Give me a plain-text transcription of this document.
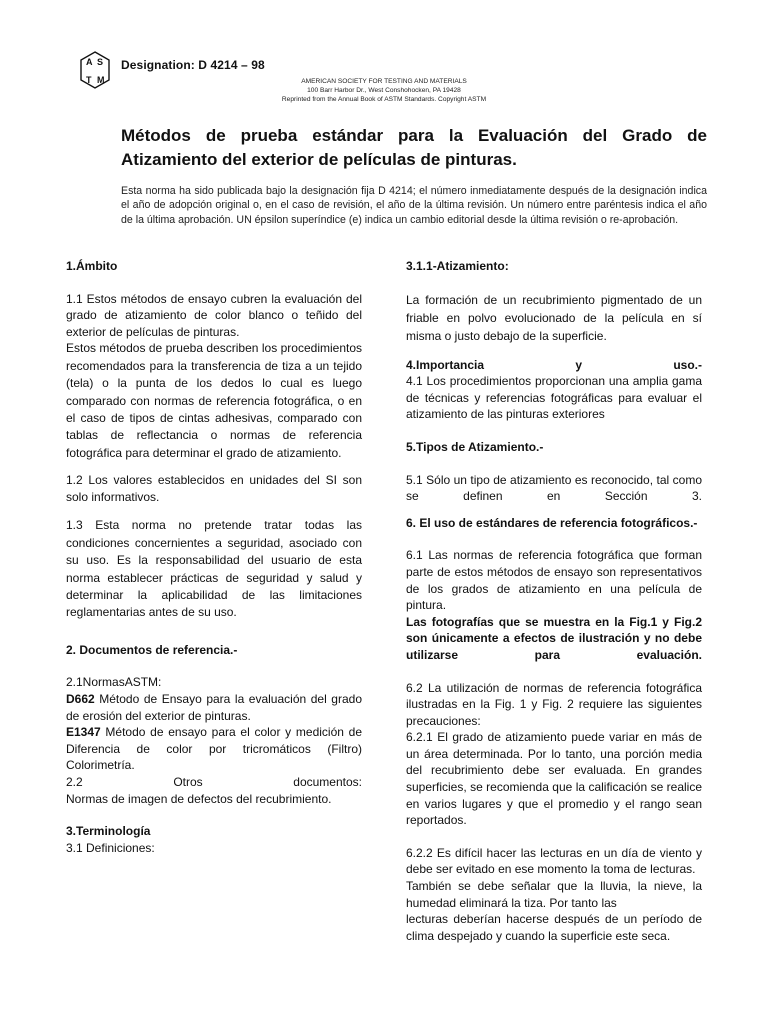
A S
T M
Designation: D 4214 – 98
AMERICAN SOCIETY FOR TESTING AND MATERIALS
100 Barr Harbor Dr., West Conshohocken, PA 19428
Reprinted from the Annual Book of ASTM Standards. Copyright ASTM
Métodos de prueba estándar para la Evaluación del Grado de Atizamiento del exterior de películas de pinturas.

Esta norma ha sido publicada bajo la designación fija D 4214; el número inmediatamente después de la designación indica el año de adopción original o, en el caso de revisión, el año de la última revisión. Un número entre paréntesis indica el año de la última aprobación. UN épsilon superíndice (e) indica un cambio editorial desde la última revisión o re-aprobación.

1.Ámbito

1.1 Estos métodos de ensayo cubren la evaluación del grado de atizamiento de color blanco o teñido del exterior de películas de pinturas.

Estos métodos de prueba describen los procedimientos recomendados para la transferencia de tiza a un tejido (tela) o la punta de los dedos lo cual es luego comparado con normas de referencia fotográfica, o en el caso de tipos de cintas adhesivas, comparado con tablas de reflectancia o normas de referencia fotográfica para determinar el grado de atizamiento.

1.2 Los valores establecidos en unidades del SI son solo informativos.

1.3 Esta norma no pretende tratar todas las condiciones concernientes a seguridad, asociado con su uso. Es la responsabilidad del usuario de esta norma establecer prácticas de seguridad y salud y determinar la aplicabilidad de las limitaciones reglamentarias antes de su uso.

2. Documentos de referencia.-

2.1NormasASTM:

D662 Método de Ensayo para la evaluación del grado de erosión del exterior de pinturas.

E1347 Método de ensayo para el color y medición de Diferencia de color por tricromáticos (Filtro) Colorimetría.

2.2 Otros documentos:

Normas de imagen de defectos del recubrimiento.

3.Terminología

3.1 Definiciones:

3.1.1-Atizamiento:

La formación de un recubrimiento pigmentado de un friable en polvo evolucionado de la película en sí misma o justo debajo de la superficie.

4.Importancia y uso.-

4.1 Los procedimientos proporcionan una amplia gama de técnicas y referencias fotográficas para evaluar el atizamiento de las pinturas exteriores

5.Tipos de Atizamiento.-

5.1 Sólo un tipo de atizamiento es reconocido, tal como se definen en Sección 3.

6. El uso de estándares de referencia fotográficos.-

6.1 Las normas de referencia fotográfica que forman parte de estos métodos de ensayo son representativos de los grados de atizamiento en una película de pintura.

Las fotografías que se muestra en la Fig.1 y Fig.2 son únicamente a efectos de ilustración y no debe utilizarse para evaluación.

6.2 La utilización de normas de referencia fotográfica ilustradas en la Fig. 1 y Fig. 2 requiere las siguientes precauciones:

6.2.1 El grado de atizamiento puede variar en más de un área determinada. Por lo tanto, una porción media del recubrimiento debe ser evaluada. En grandes superficies, se recomienda que la calificación se realice en varios lugares y que el promedio y el rango sean reportados.

6.2.2 Es difícil hacer las lecturas en un día de viento y debe ser evitado en ese momento la toma de lecturas.

También se debe señalar que la lluvia, la nieve, la humedad eliminará la tiza. Por tanto las

lecturas deberían hacerse después de un período de clima despejado y cuando la superficie este seca.
